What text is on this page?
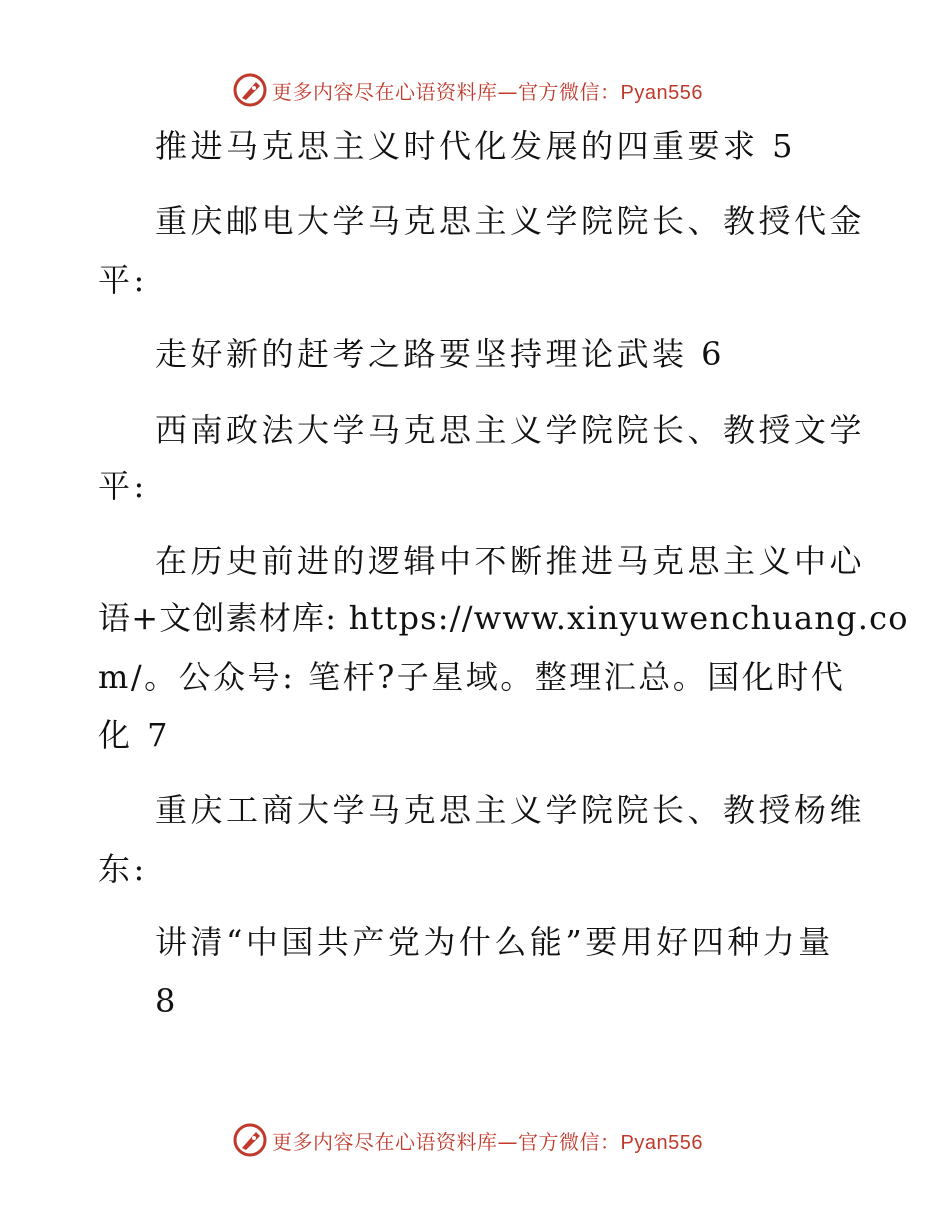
更多内容尽在心语资料库—官方微信：Pyan556
推进马克思主义时代化发展的四重要求 5
重庆邮电大学马克思主义学院院长、教授代金
平:
走好新的赶考之路要坚持理论武装 6
西南政法大学马克思主义学院院长、教授文学
平:
在历史前进的逻辑中不断推进马克思主义中心
语+文创素材库: https://www.xinyuwenchuang.co
m/。公众号: 笔杆?子星域。整理汇总。国化时代
化 7
重庆工商大学马克思主义学院院长、教授杨维
东:
讲清“中国共产党为什么能”要用好四种力量
8
更多内容尽在心语资料库—官方微信：Pyan556
